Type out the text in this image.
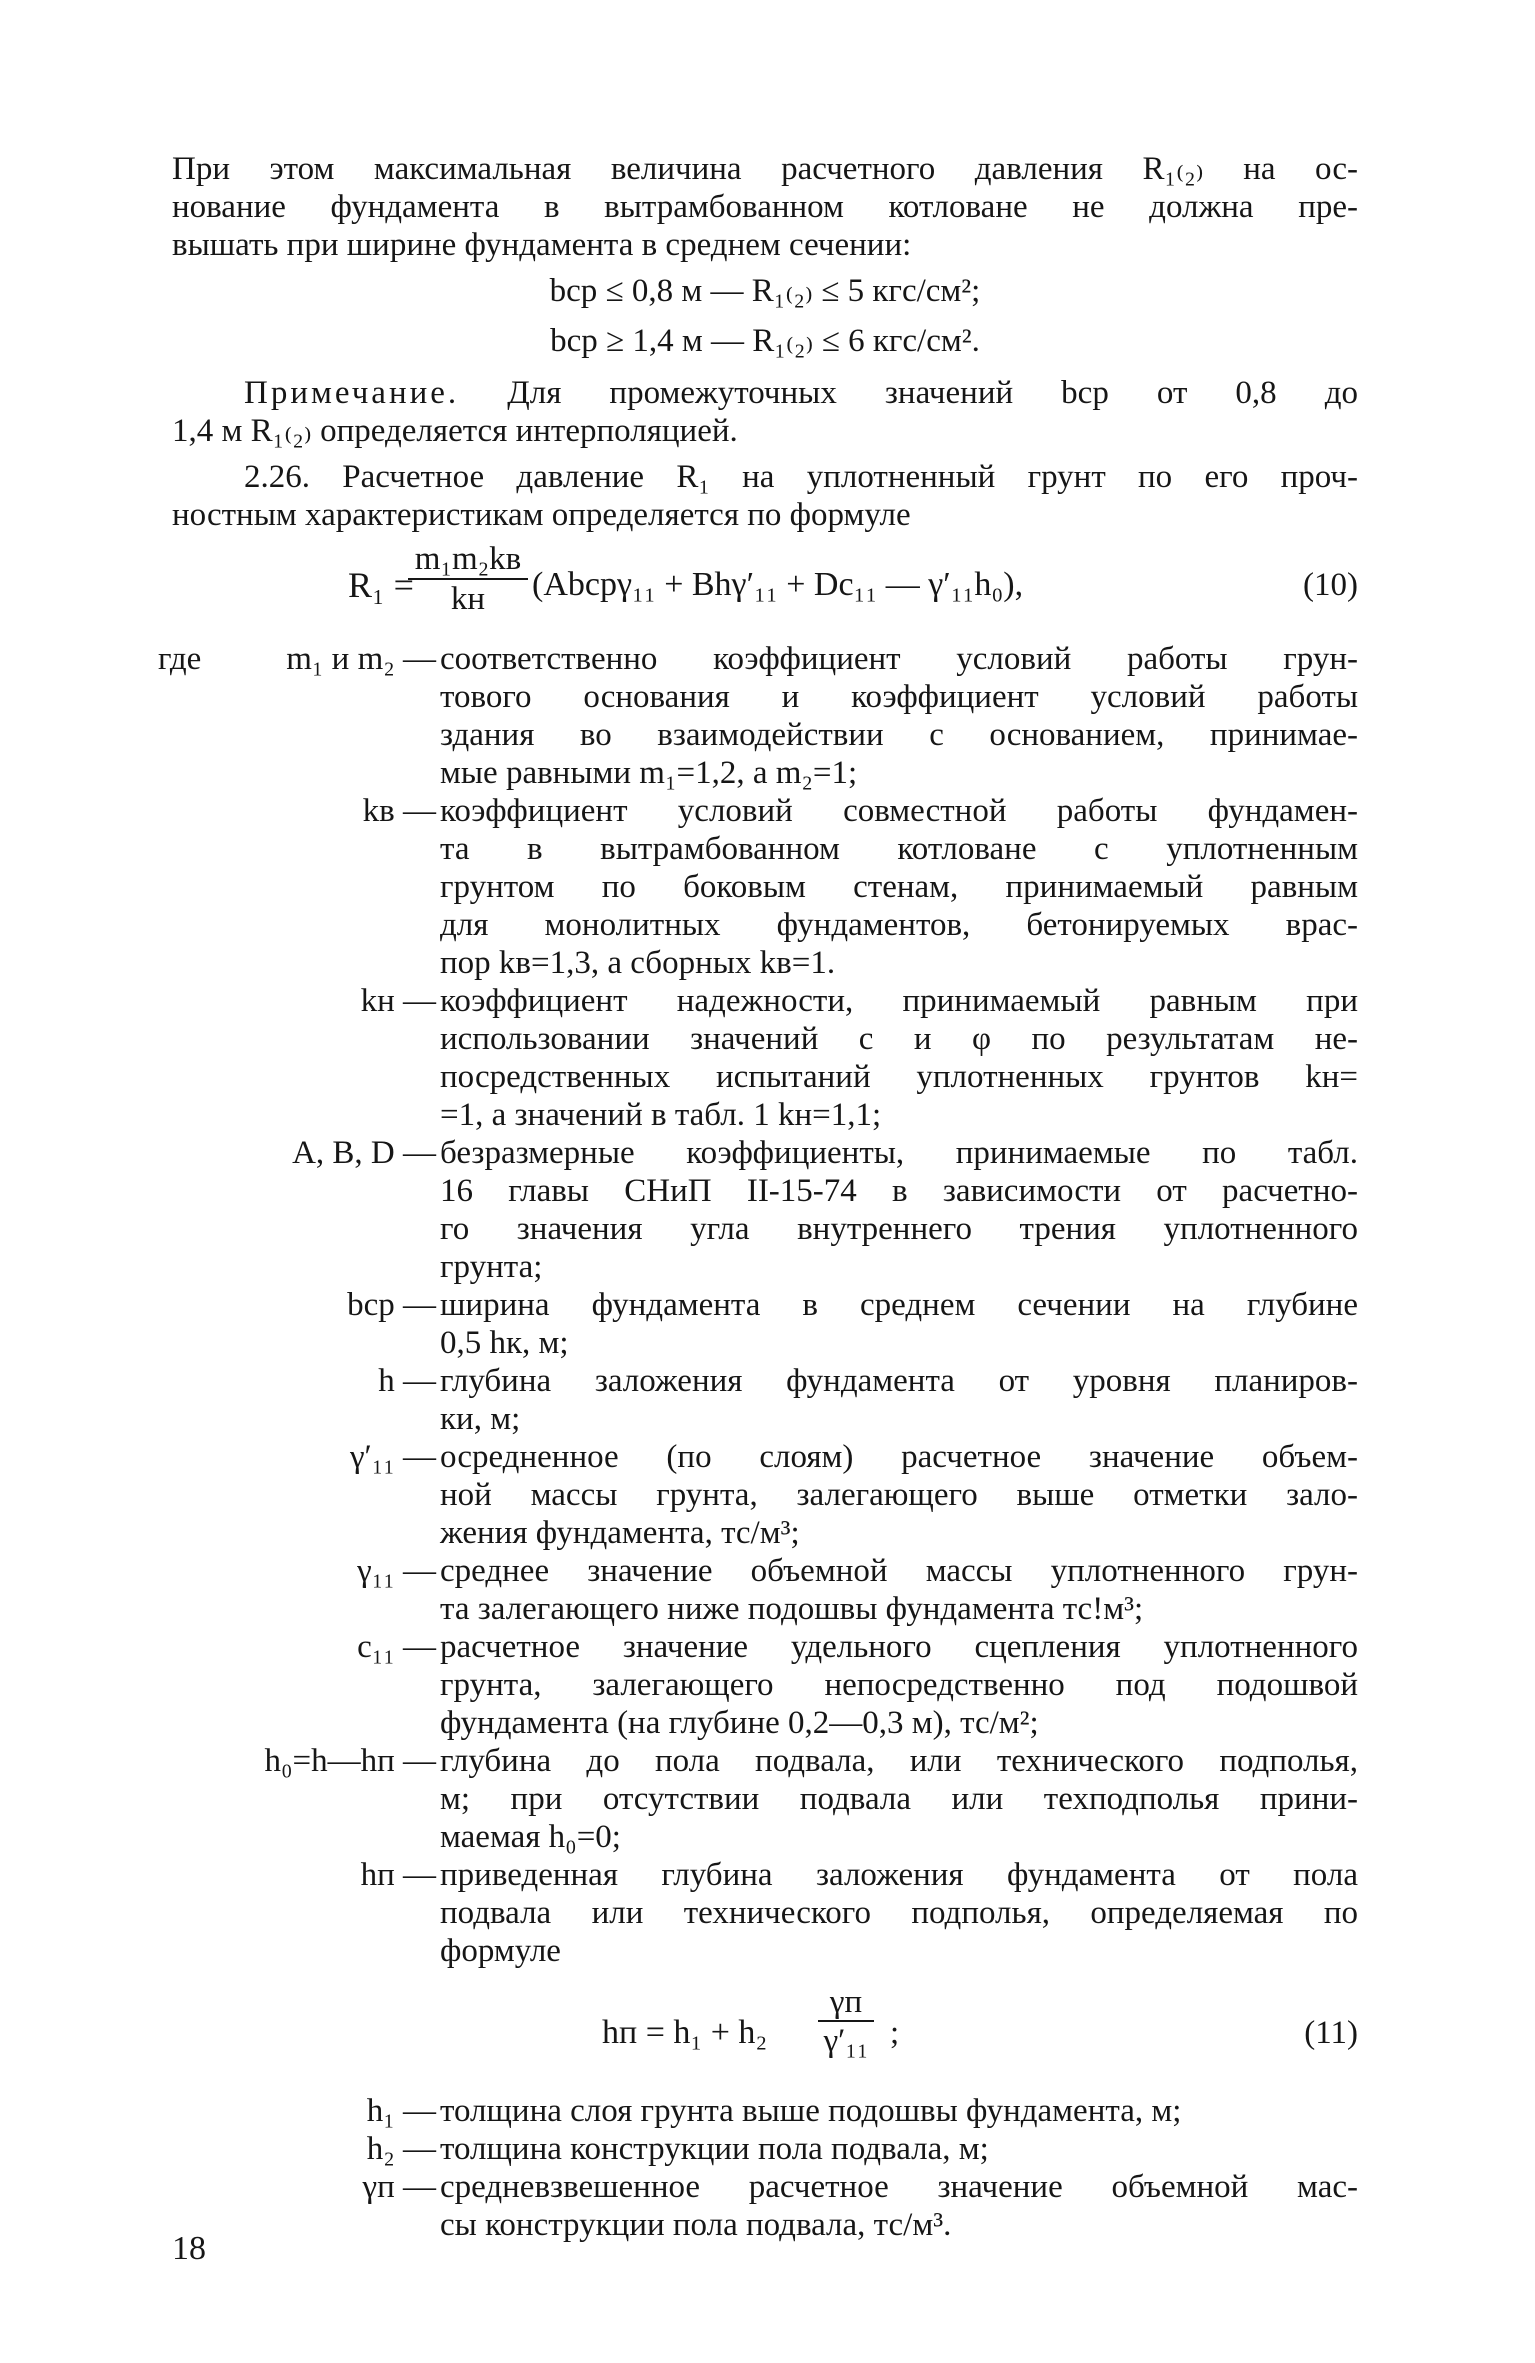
При этом максимальная величина расчетного давления R₁₍₂₎ на ос-
нование фундамента в вытрамбованном котловане не должна пре-
вышать при ширине фундамента в среднем сечении:
bср ≤ 0,8 м — R₁₍₂₎ ≤ 5 кгс/см²;
bср ≥ 1,4 м — R₁₍₂₎ ≤ 6 кгс/см².
Примечание. Для промежуточных значений bср от 0,8 до
1,4 м R₁₍₂₎ определяется интерполяцией.
2.26. Расчетное давление R₁ на уплотненный грунт по его проч-
ностным характеристикам определяется по формуле
R₁ =
m₁m₂kв
kн	(Abсрγ₁₁ + Bhγ′₁₁ + Dc₁₁ — γ′₁₁h₀),	(10)
где	m₁ и m₂ — соответственно коэффициент условий работы грун-
тового основания и коэффициент условий работы
здания во взаимодействии с основанием, принимае-
мые равными m₁=1,2, а m₂=1;
kв — коэффициент условий совместной работы фундамен-
та в вытрамбованном котловане с уплотненным
грунтом по боковым стенам, принимаемый равным
для монолитных фундаментов, бетонируемых врас-
пор kв=1,3, а сборных kв=1.
kн — коэффициент надежности, принимаемый равным при
использовании значений c и φ по результатам не-
посредственных испытаний уплотненных грунтов kн=
=1, а значений в табл. 1 kн=1,1;
A, B, D — безразмерные коэффициенты, принимаемые по табл.
16 главы СНиП II-15-74 в зависимости от расчетно-
го значения угла внутреннего трения уплотненного
грунта;
bср — ширина фундамента в среднем сечении на глубине
0,5 hк, м;
h — глубина заложения фундамента от уровня планиров-
ки, м;
γ′₁₁ — осредненное (по слоям) расчетное значение объем-
ной массы грунта, залегающего выше отметки зало-
жения фундамента, тс/м³;
γ₁₁ — среднее значение объемной массы уплотненного грун-
та залегающего ниже подошвы фундамента тс!м³;
c₁₁ — расчетное значение удельного сцепления уплотненного
грунта, залегающего непосредственно под подошвой
фундамента (на глубине 0,2—0,3 м), тс/м²;
h₀=h—hп — глубина до пола подвала, или технического подполья,
м; при отсутствии подвала или техподполья прини-
маемая h₀=0;
hп — приведенная глубина заложения фундамента от пола
подвала или технического подполья, определяемая по
формуле
hп = h₁ + h₂
γп
γ′₁₁ ;	(11)
h₁ — толщина слоя грунта выше подошвы фундамента, м;
h₂ — толщина конструкции пола подвала, м;
γп — средневзвешенное расчетное значение объемной мас-
сы конструкции пола подвала, тс/м³.
18
